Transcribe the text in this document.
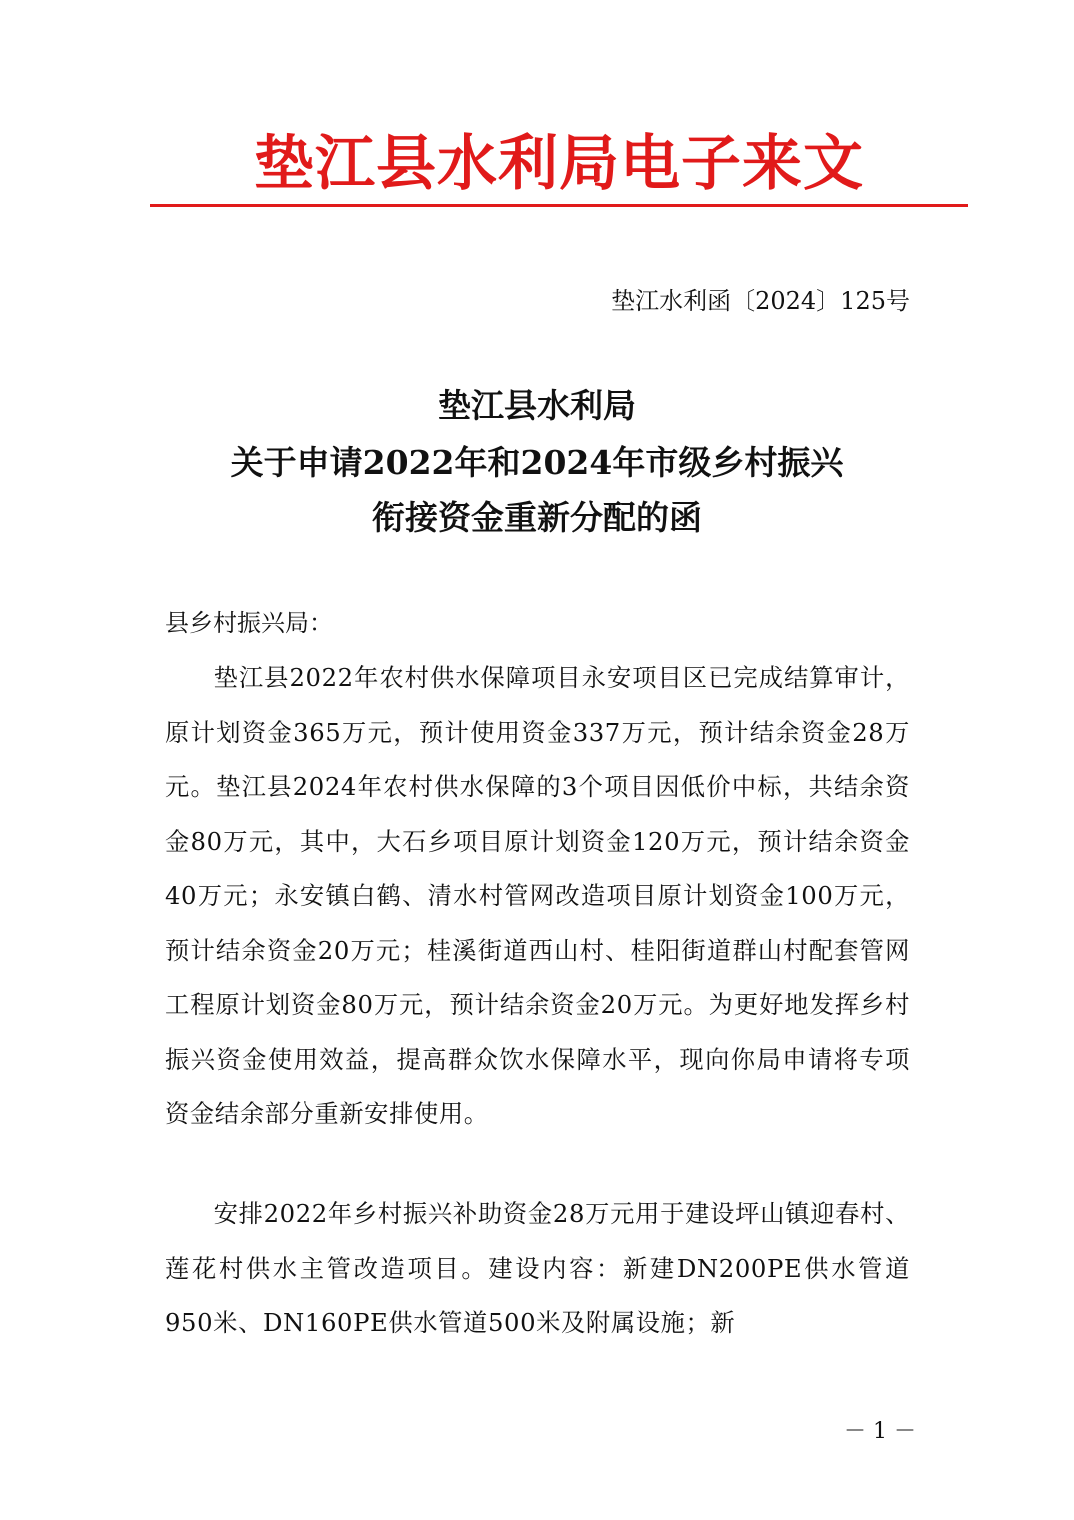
垫江县水利局电子来文
垫江水利函〔2024〕125号
垫江县水利局
关于申请2022年和2024年市级乡村振兴
衔接资金重新分配的函
县乡村振兴局：

垫江县2022年农村供水保障项目永安项目区已完成结算审计，原计划资金365万元，预计使用资金337万元，预计结余资金28万元。垫江县2024年农村供水保障的3个项目因低价中标，共结余资金80万元，其中，大石乡项目原计划资金120万元，预计结余资金40万元；永安镇白鹤、清水村管网改造项目原计划资金100万元，预计结余资金20万元；桂溪街道西山村、桂阳街道群山村配套管网工程原计划资金80万元，预计结余资金20万元。为更好地发挥乡村振兴资金使用效益，提高群众饮水保障水平，现向你局申请将专项资金结余部分重新安排使用。

安排2022年乡村振兴补助资金28万元用于建设坪山镇迎春村、莲花村供水主管改造项目。建设内容：新建DN200PE供水管道950米、DN160PE供水管道500米及附属设施；新

－ 1 －
